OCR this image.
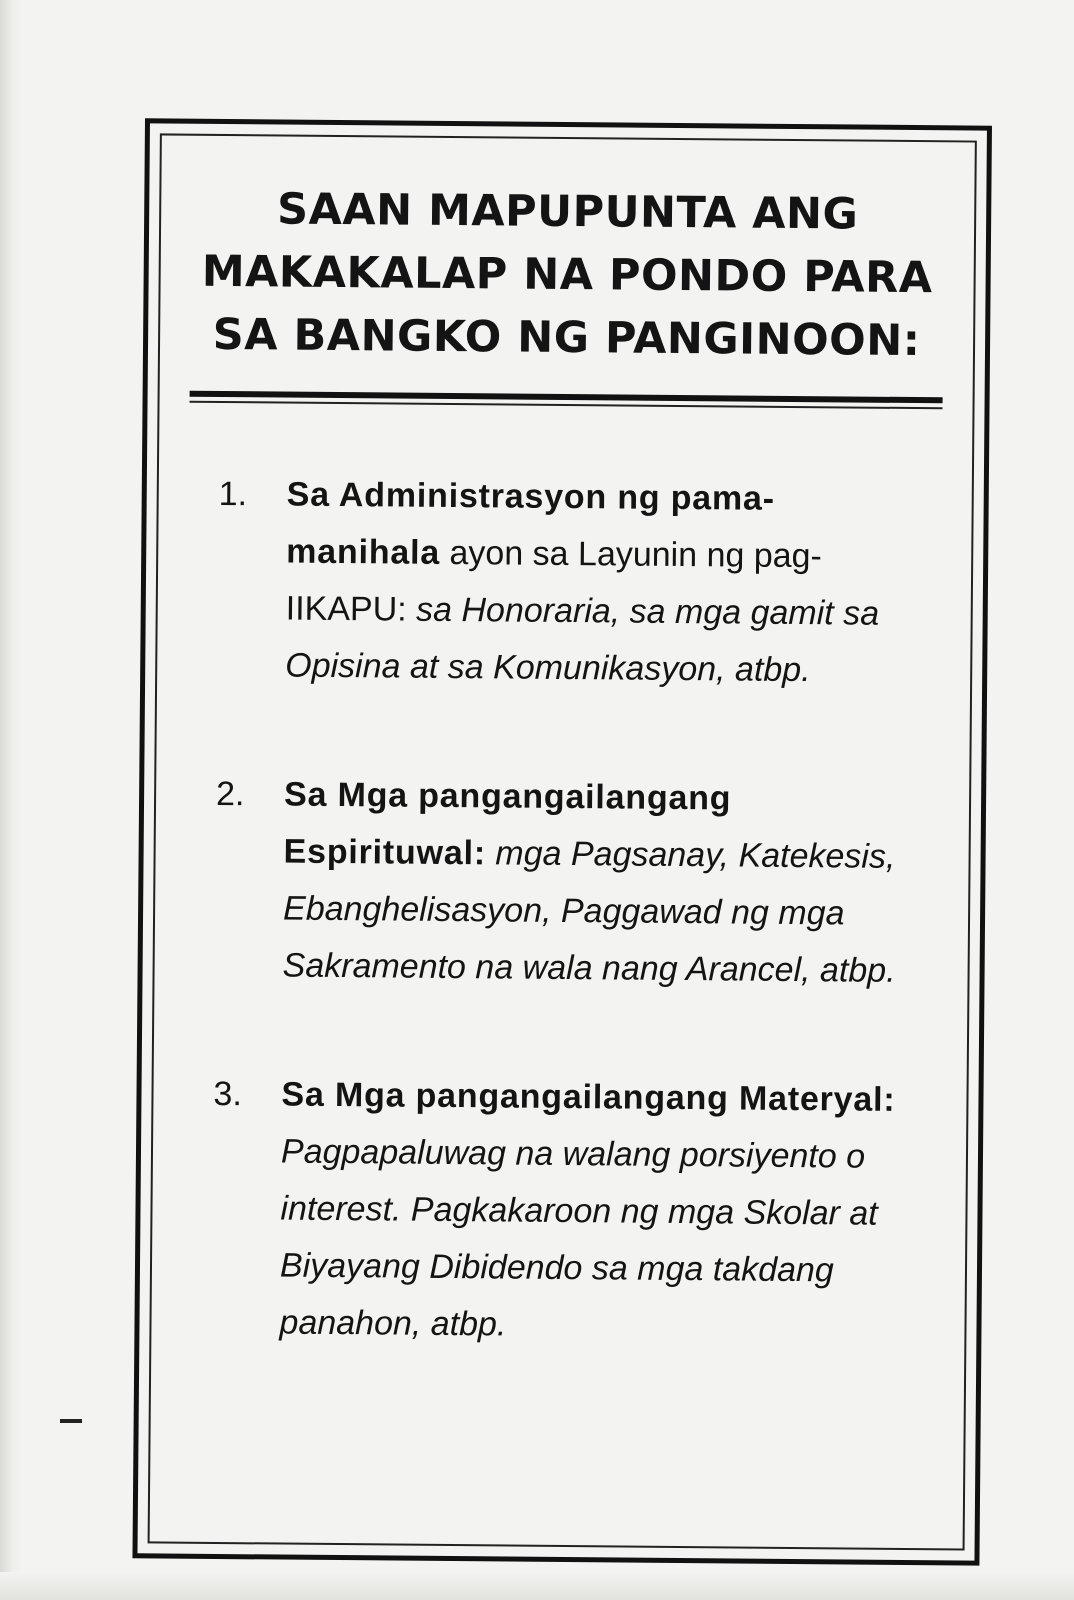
SAAN MAPUPUNTA ANG
MAKAKALAP NA PONDO PARA
SA BANGKO NG PANGINOON:
1. Sa Administrasyon ng pama-manihala ayon sa Layunin ng pag-IIKAPU: sa Honoraria, sa mga gamit sa Opisina at sa Komunikasyon, atbp.
2. Sa Mga pangangailangang Espirituwal: mga Pagsanay, Katekesis, Ebanghelisasyon, Paggawad ng mga Sakramento na wala nang Arancel, atbp.
3. Sa Mga pangangailangang Materyal: Pagpapaluwag na walang porsiyento o interest. Pagkakaroon ng mga Skolar at Biyayang Dibidendo sa mga takdang panahon, atbp.
